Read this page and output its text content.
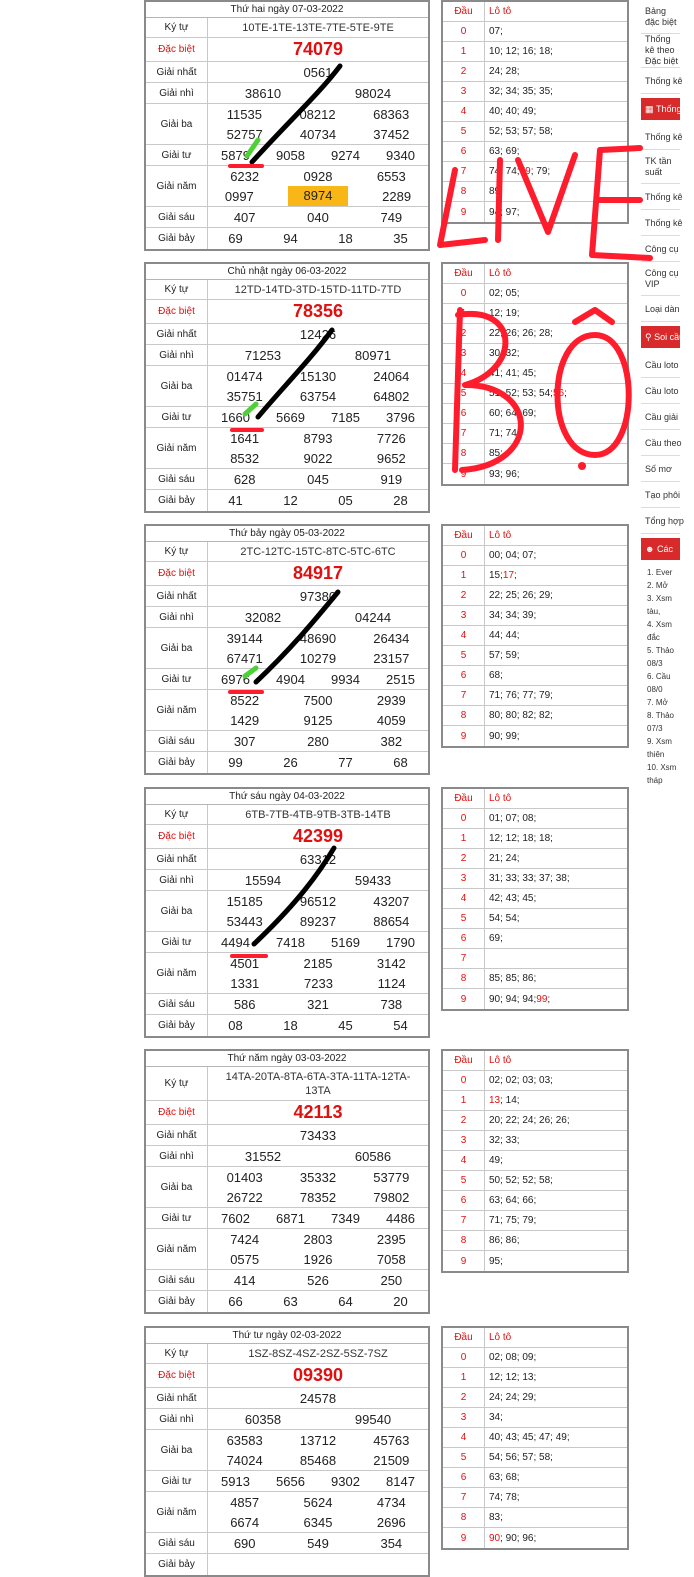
Thứ hai ngày 07-03-2022
Ký tự	10TE-1TE-13TE-7TE-5TE-9TE
Đặc biệt	74079
Giải nhất	0561
Giải nhì	38610	98024
Giải ba
11535	08212	68363
52757	40734	37452
Giải tư	5879 9058 9274 9340
Giải năm
6232	0928	6553
0997	8974	2289
Giải sáu	407	040	749
Giải bảy	69	94	18	35
Đầu	Lô tô
0	07;
1	10; 12; 16; 18;
2	24; 28;
3	32; 34; 35; 35;
4	40; 40; 49;
5	52; 53; 57; 58;
6	63; 69;
7	74; 74; 79 ; 79;
8	89;
9	94; 97;
Chủ nhật ngày 06-03-2022
Ký tự	12TD-14TD-3TD-15TD-11TD-7TD
Đặc biệt	78356
Giải nhất	12426
Giải nhì	71253	80971
Giải ba
01474	15130	24064
35751	63754	64802
Giải tư	1660 5669 7185 3796
Giải năm
1641	8793	7726
8532	9022	9652
Giải sáu	628	045	919
Giải bảy	41	12	05	28
Đầu	Lô tô
0	02; 05;
1	12; 19;
2	22; 26; 26; 28;
3	30; 32;
4	41; 41; 45;
5	51; 52; 53; 54; 56 ;
6	60; 64; 69;
7	71; 74;
8	85;
9	93; 96;
Thứ bảy ngày 05-03-2022
Ký tự	2TC-12TC-15TC-8TC-5TC-6TC
Đặc biệt	84917
Giải nhất	97380
Giải nhì	32082	04244
Giải ba
39144	48690	26434
67471	10279	23157
Giải tư	6976 4904 9934 2515
Giải năm
8522	7500	2939
1429	9125	4059
Giải sáu	307	280	382
Giải bảy	99	26	77	68
Đầu	Lô tô
0	00; 04; 07;
1	15; 17 ;
2	22; 25; 26; 29;
3	34; 34; 39;
4	44; 44;
5	57; 59;
6	68;
7	71; 76; 77; 79;
8	80; 80; 82; 82;
9	90; 99;
Thứ sáu ngày 04-03-2022
Ký tự	6TB-7TB-4TB-9TB-3TB-14TB
Đặc biệt	42399
Giải nhất	63312
Giải nhì	15594	59433
Giải ba
15185	96512	43207
53443	89237	88654
Giải tư	4494 7418 5169 1790
Giải năm
4501	2185	3142
1331	7233	1124
Giải sáu	586	321	738
Giải bảy	08	18	45	54
Đầu	Lô tô
0	01; 07; 08;
1	12; 12; 18; 18;
2	21; 24;
3	31; 33; 33; 37; 38;
4	42; 43; 45;
5	54; 54;
6	69;
7
8	85; 85; 86;
9	90; 94; 94; 99 ;
Thứ năm ngày 03-03-2022
Ký tự
14TA-20TA-8TA-6TA-3TA-11TA-12TA-13TA
Đặc biệt	42113
Giải nhất	73433
Giải nhì	31552	60586
Giải ba
01403	35332	53779
26722	78352	79802
Giải tư	7602 6871 7349 4486
Giải năm
7424	2803	2395
0575	1926	7058
Giải sáu	414	526	250
Giải bảy	66	63	64	20
Đầu	Lô tô
0	02; 02; 03; 03;
1	13 ; 14;
2	20; 22; 24; 26; 26;
3	32; 33;
4	49;
5	50; 52; 52; 58;
6	63; 64; 66;
7	71; 75; 79;
8	86; 86;
9	95;
Thứ tư ngày 02-03-2022
Ký tự	1SZ-8SZ-4SZ-2SZ-5SZ-7SZ
Đặc biệt	09390
Giải nhất	24578
Giải nhì	60358	99540
Giải ba
63583	13712	45763
74024	85468	21509
Giải tư	5913 5656 9302 8147
Giải năm
4857	5624	4734
6674	6345	2696
Giải sáu	690	549	354
Giải bảy
Đầu	Lô tô
0	02; 08; 09;
1	12; 12; 13;
2	24; 24; 29;
3	34;
4	40; 43; 45; 47; 49;
5	54; 56; 57; 58;
6	63; 68;
7	74; 78;
8	83;
9	90 ; 90; 96;
Bảng đặc biệt
Thống kê theo Đặc biệt
Thống kê
▦ Thống kê
Thống kê
TK tần suất
Thống kê
Thống kê
Công cụ
Công cụ VIP
Loại dàn
⚲ Soi cầu
Cầu loto
Cầu loto
Cầu giải
Cầu theo
Số mơ
Tạo phôi
Tổng hợp
☻ Các
1. Ever
2. Mở
3. Xsm
tàu,
4. Xsm
đắc
5. Thảo
08/3
6. Cầu
08/0
7. Mở
8. Thảo
07/3
9. Xsm
thiên
10. Xsm
tháp
